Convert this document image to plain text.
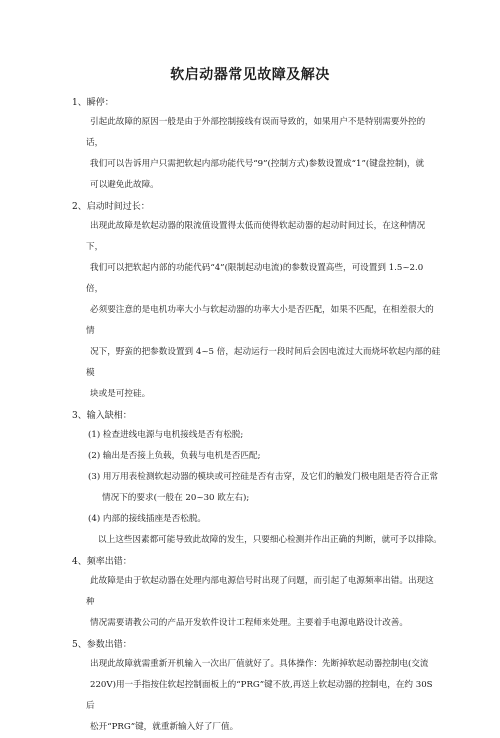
软启动器常见故障及解决
1、瞬停：
引起此故障的原因一般是由于外部控制接线有误而导致的，如果用户不是特别需要外控的话，
我们可以告诉用户只需把软起内部功能代号“9”(控制方式)参数设置成“1”(键盘控制)，就
可以避免此故障。
2、启动时间过长：
出现此故障是软起动器的限流值设置得太低而使得软起动器的起动时间过长，在这种情况下，
我们可以把软起内部的功能代码“4”(限制起动电流)的参数设置高些，可设置到 1.5~2.0 倍，
必须要注意的是电机功率大小与软起动器的功率大小是否匹配，如果不匹配，在相差很大的情
况下，野蛮的把参数设置到 4~5 倍，起动运行一段时间后会因电流过大而烧坏软起内部的硅模
块或是可控硅。
3、输入缺相：
(1) 检查进线电源与电机接线是否有松脱;
(2) 输出是否接上负载，负载与电机是否匹配;
(3) 用万用表检测软起动器的模块或可控硅是否有击穿，及它们的触发门极电阻是否符合正常
情况下的要求(一般在 20~30 欧左右);
(4) 内部的接线插座是否松脱。
以上这些因素都可能导致此故障的发生，只要细心检测并作出正确的判断，就可予以排除。
4、频率出错：
此故障是由于软起动器在处理内部电源信号时出现了问题，而引起了电源频率出错。出现这种
情况需要请教公司的产品开发软件设计工程师来处理。主要着手电源电路设计改善。
5、参数出错：
出现此故障就需重新开机输入一次出厂值就好了。具体操作：先断掉软起动器控制电(交流
220V)用一手指按住软起控制面板上的“PRG”键不放,再送上软起动器的控制电，在约 30S 后
松开“PRG”键，就重新输入好了厂值。
